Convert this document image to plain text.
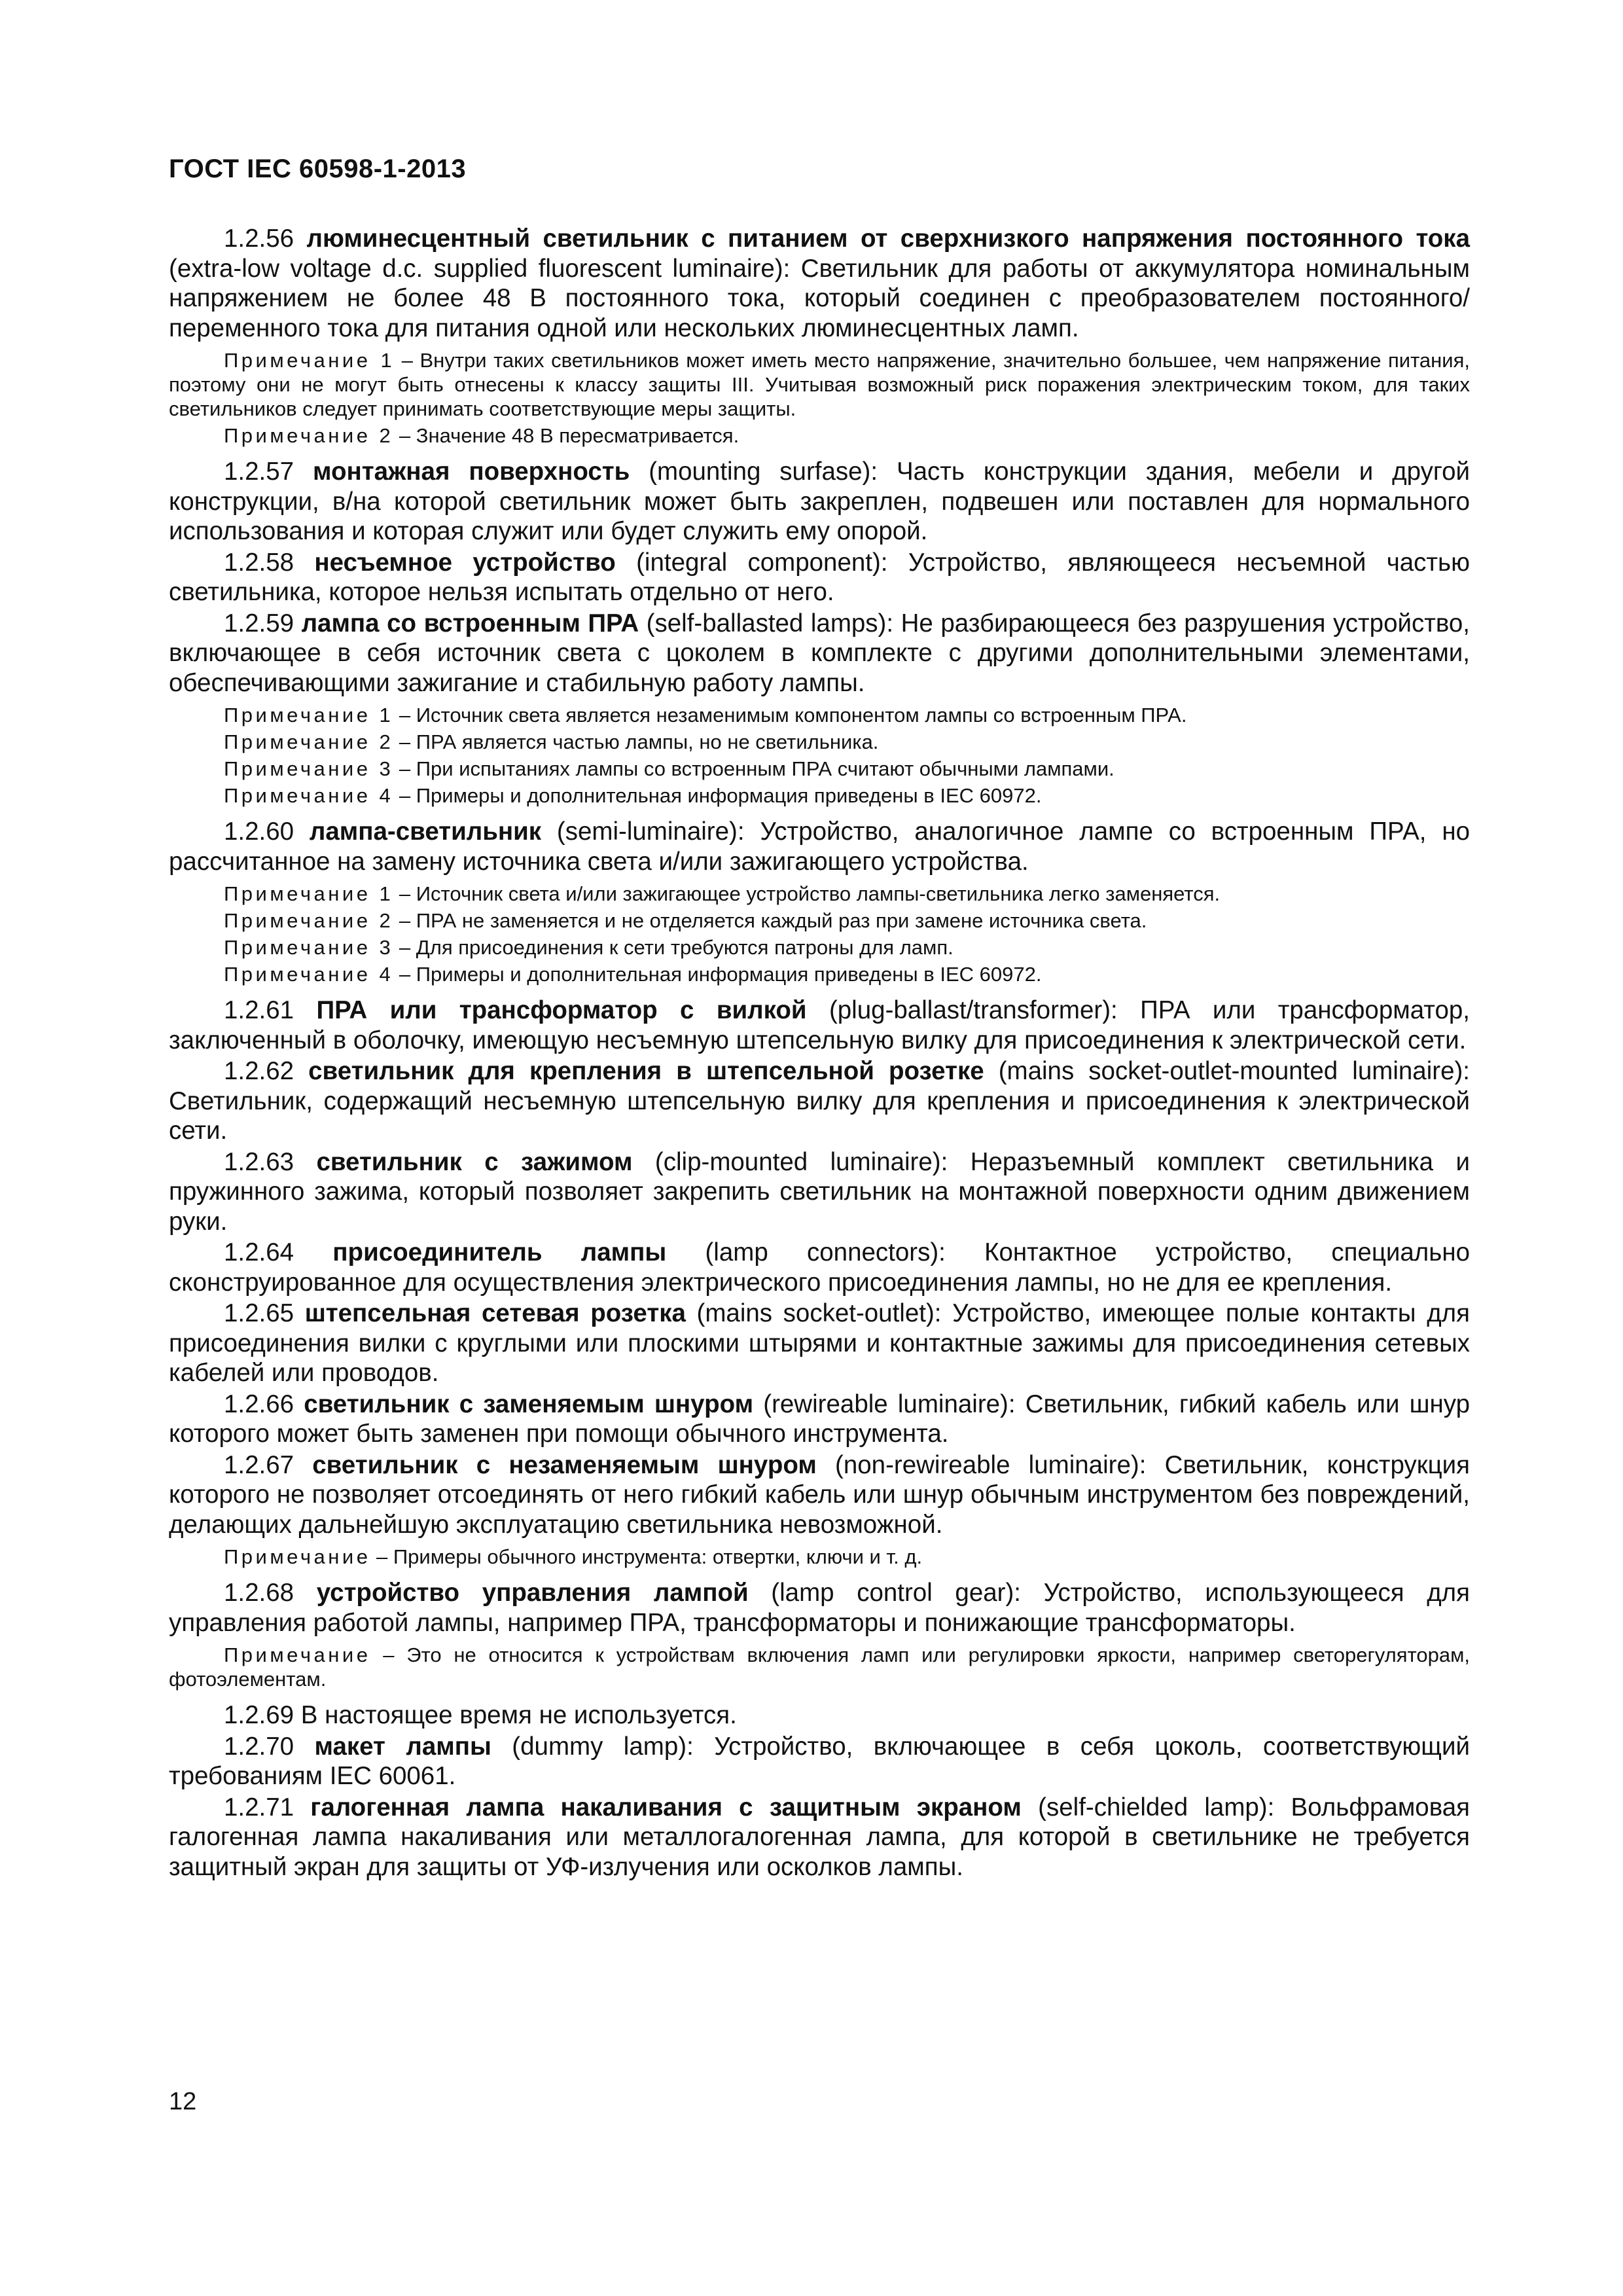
ГОСТ IEC 60598-1-2013

1.2.56 люминесцентный светильник с питанием от сверхнизкого напряжения постоянного тока (extra-low voltage d.c. supplied fluorescent luminaire): Светильник для работы от аккумулятора номинальным напряжением не более 48 В постоянного тока, который соединен с преобразователем постоянного/переменного тока для питания одной или нескольких люминесцентных ламп.

Примечание 1 – Внутри таких светильников может иметь место напряжение, значительно большее, чем напряжение питания, поэтому они не могут быть отнесены к классу защиты III. Учитывая возможный риск поражения электрическим током, для таких светильников следует принимать соответствующие меры защиты.

Примечание 2 – Значение 48 В пересматривается.

1.2.57 монтажная поверхность (mounting surfase): Часть конструкции здания, мебели и другой конструкции, в/на которой светильник может быть закреплен, подвешен или поставлен для нормального использования и которая служит или будет служить ему опорой.

1.2.58 несъемное устройство (integral component): Устройство, являющееся несъемной частью светильника, которое нельзя испытать отдельно от него.

1.2.59 лампа со встроенным ПРА (self-ballasted lamps): Не разбирающееся без разрушения устройство, включающее в себя источник света с цоколем в комплекте с другими дополнительными элементами, обеспечивающими зажигание и стабильную работу лампы.

Примечание 1 – Источник света является незаменимым компонентом лампы со встроенным ПРА.

Примечание 2 – ПРА является частью лампы, но не светильника.

Примечание 3 – При испытаниях лампы со встроенным ПРА считают обычными лампами.

Примечание 4 – Примеры и дополнительная информация приведены в IEC 60972.

1.2.60 лампа-светильник (semi-luminaire): Устройство, аналогичное лампе со встроенным ПРА, но рассчитанное на замену источника света и/или зажигающего устройства.

Примечание 1 – Источник света и/или зажигающее устройство лампы-светильника легко заменяется.

Примечание 2 – ПРА не заменяется и не отделяется каждый раз при замене источника света.

Примечание 3 – Для присоединения к сети требуются патроны для ламп.

Примечание 4 – Примеры и дополнительная информация приведены в IEC 60972.

1.2.61 ПРА или трансформатор с вилкой (plug-ballast/transformer): ПРА или трансформатор, заключенный в оболочку, имеющую несъемную штепсельную вилку для присоединения к электрической сети.

1.2.62 светильник для крепления в штепсельной розетке (mains socket-outlet-mounted luminaire): Светильник, содержащий несъемную штепсельную вилку для крепления и присоединения к электрической сети.

1.2.63 светильник с зажимом (clip-mounted luminaire): Неразъемный комплект светильника и пружинного зажима, который позволяет закрепить светильник на монтажной поверхности одним движением руки.

1.2.64 присоединитель лампы (lamp connectors): Контактное устройство, специально сконструированное для осуществления электрического присоединения лампы, но не для ее крепления.

1.2.65 штепсельная сетевая розетка (mains socket-outlet): Устройство, имеющее полые контакты для присоединения вилки с круглыми или плоскими штырями и контактные зажимы для присоединения сетевых кабелей или проводов.

1.2.66 светильник с заменяемым шнуром (rewireable luminaire): Светильник, гибкий кабель или шнур которого может быть заменен при помощи обычного инструмента.

1.2.67 светильник с незаменяемым шнуром (non-rewireable luminaire): Светильник, конструкция которого не позволяет отсоединять от него гибкий кабель или шнур обычным инструментом без повреждений, делающих дальнейшую эксплуатацию светильника невозможной.

Примечание – Примеры обычного инструмента: отвертки, ключи и т. д.

1.2.68 устройство управления лампой (lamp control gear): Устройство, использующееся для управления работой лампы, например ПРА, трансформаторы и понижающие трансформаторы.

Примечание – Это не относится к устройствам включения ламп или регулировки яркости, например светорегуляторам, фотоэлементам.

1.2.69 В настоящее время не используется.

1.2.70 макет лампы (dummy lamp): Устройство, включающее в себя цоколь, соответствующий требованиям IEC 60061.

1.2.71 галогенная лампа накаливания с защитным экраном (self-chielded lamp): Вольфрамовая галогенная лампа накаливания или металлогалогенная лампа, для которой в светильнике не требуется защитный экран для защиты от УФ-излучения или осколков лампы.

12
